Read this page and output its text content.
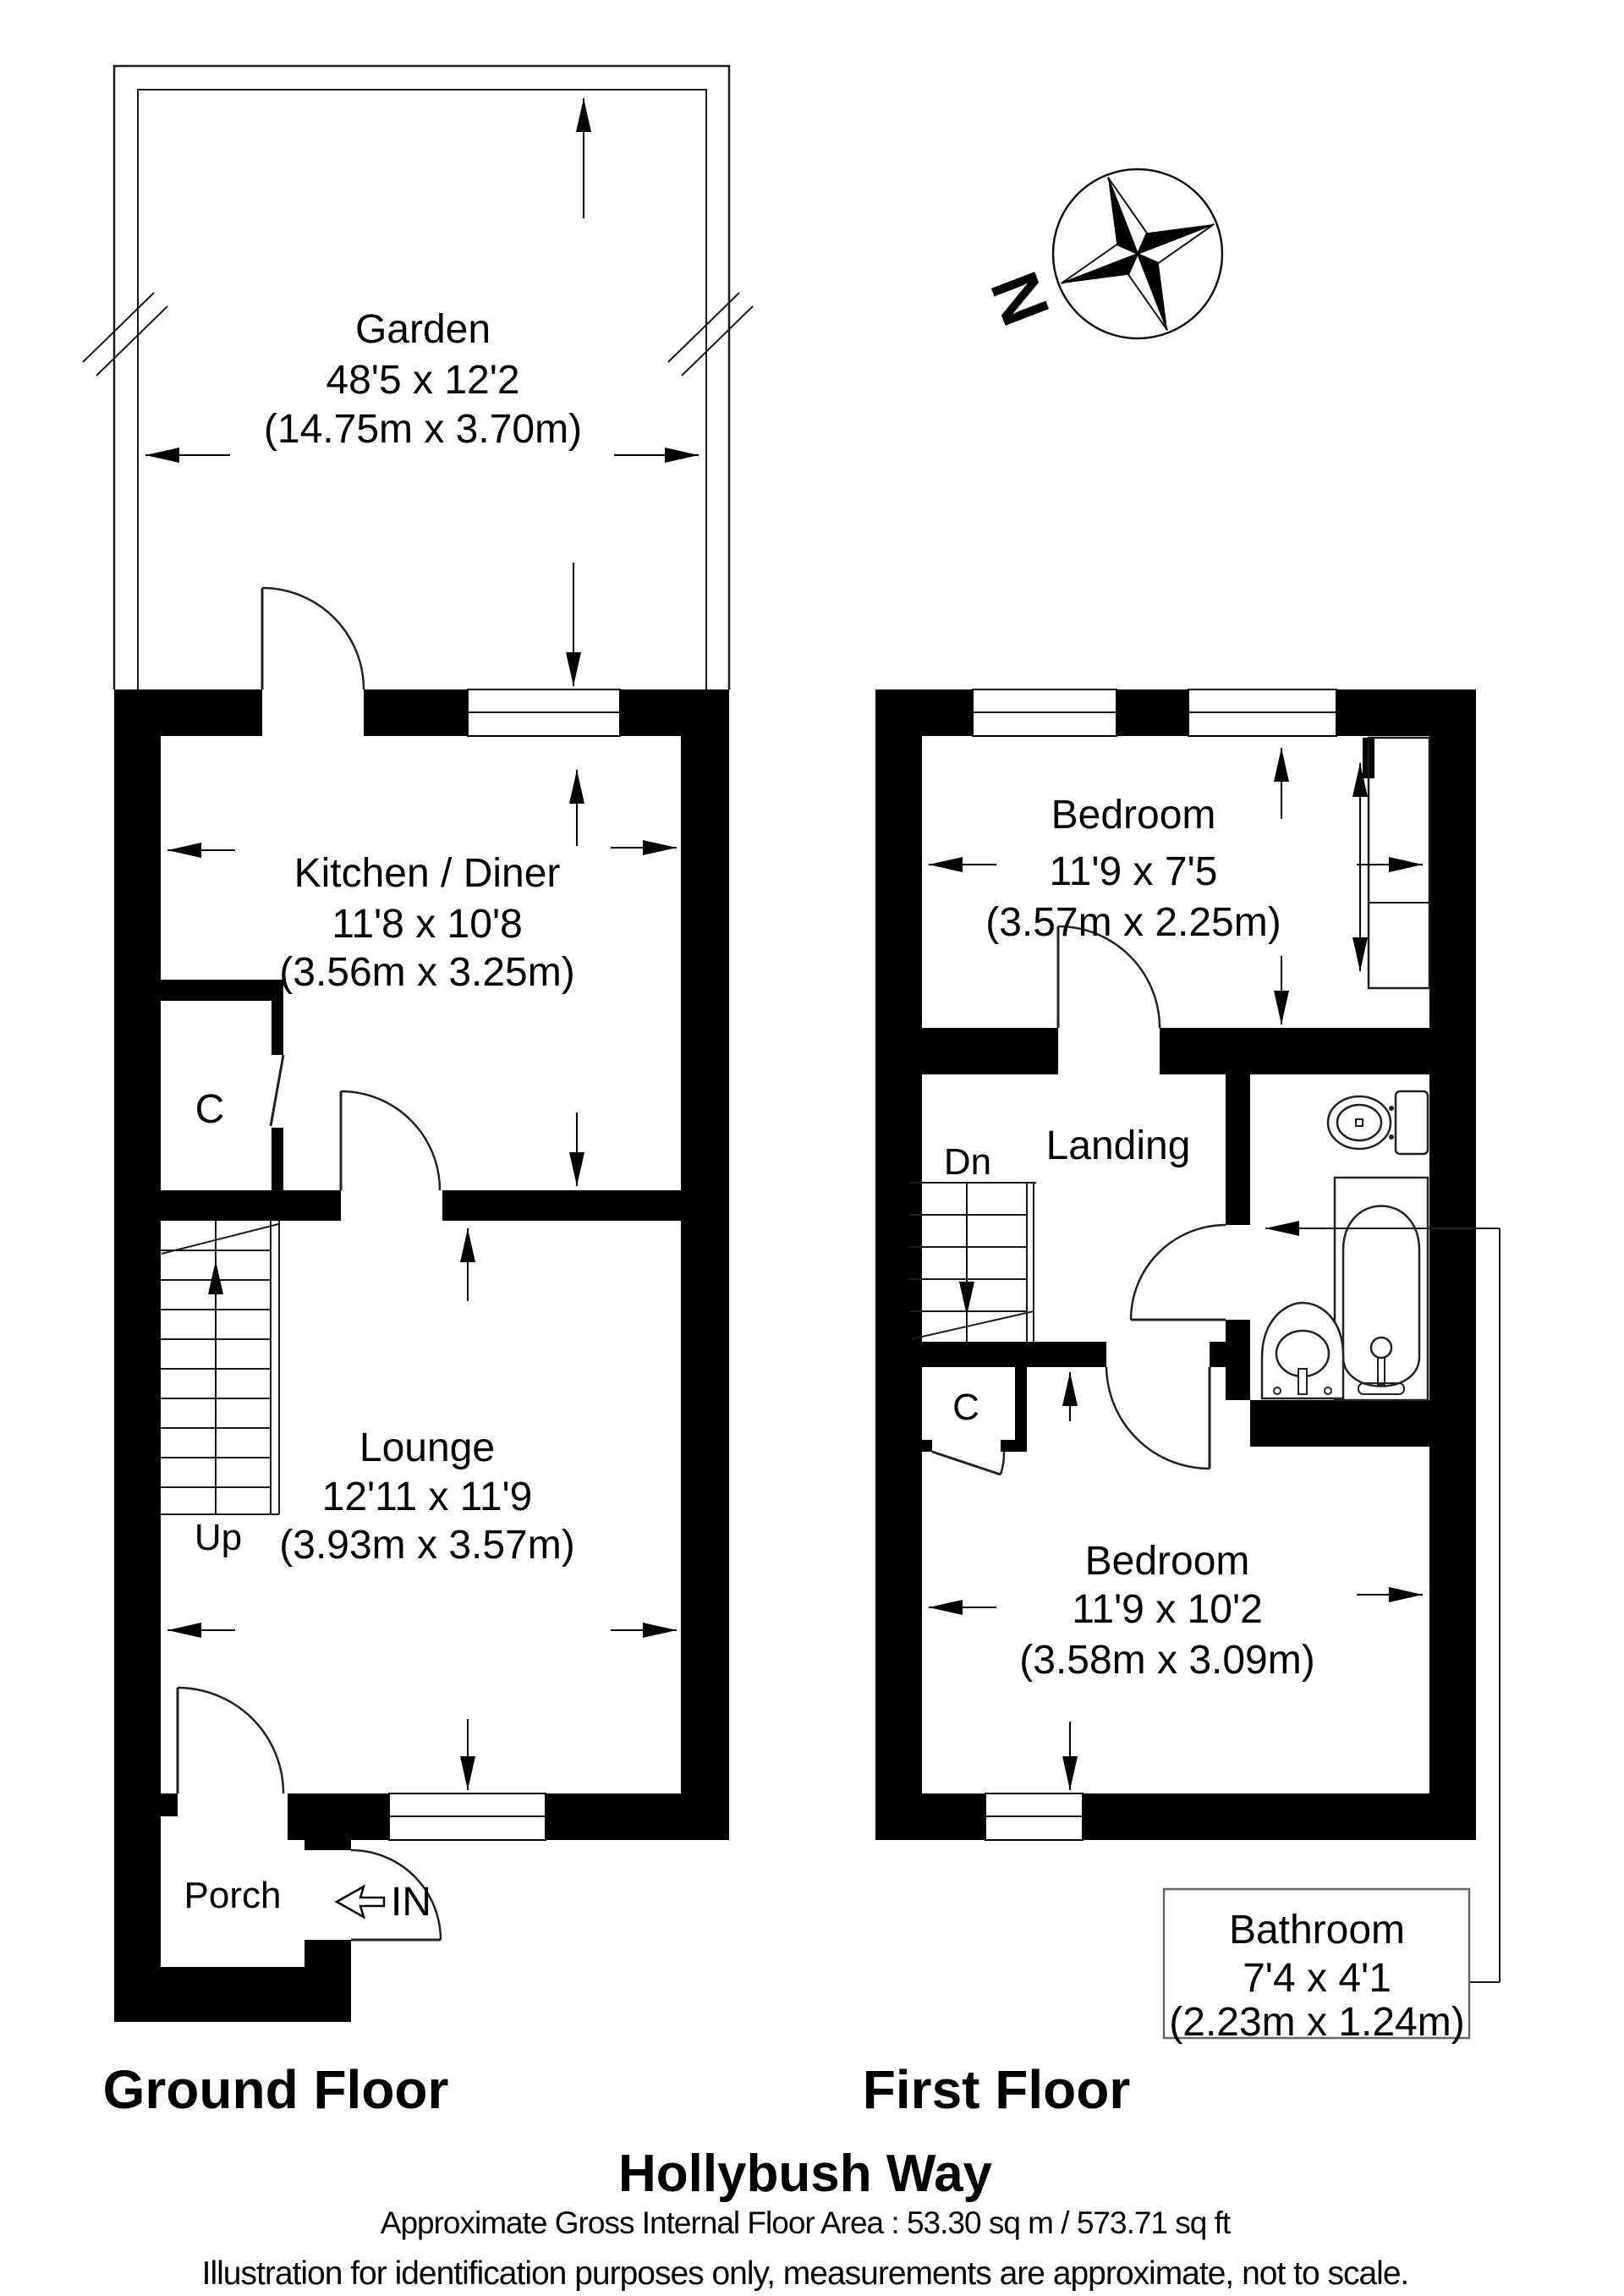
Garden
48'5 x 12'2
(14.75m x 3.70m)
Kitchen / Diner
11'8 x 10'8
(3.56m x 3.25m)
C
Up
Lounge
12'11 x 11'9
(3.93m x 3.57m)
Porch	IN
Bedroom
11'9 x 7'5
(3.57m x 2.25m)
Landing
Dn
C
Bedroom
11'9 x 10'2
(3.58m x 3.09m)
Bathroom
7'4 x 4'1
(2.23m x 1.24m)
N
Ground Floor	First Floor
Hollybush Way
Approximate Gross Internal Floor Area : 53.30 sq m / 573.71 sq ft
Illustration for identification purposes only, measurements are approximate, not to scale.
